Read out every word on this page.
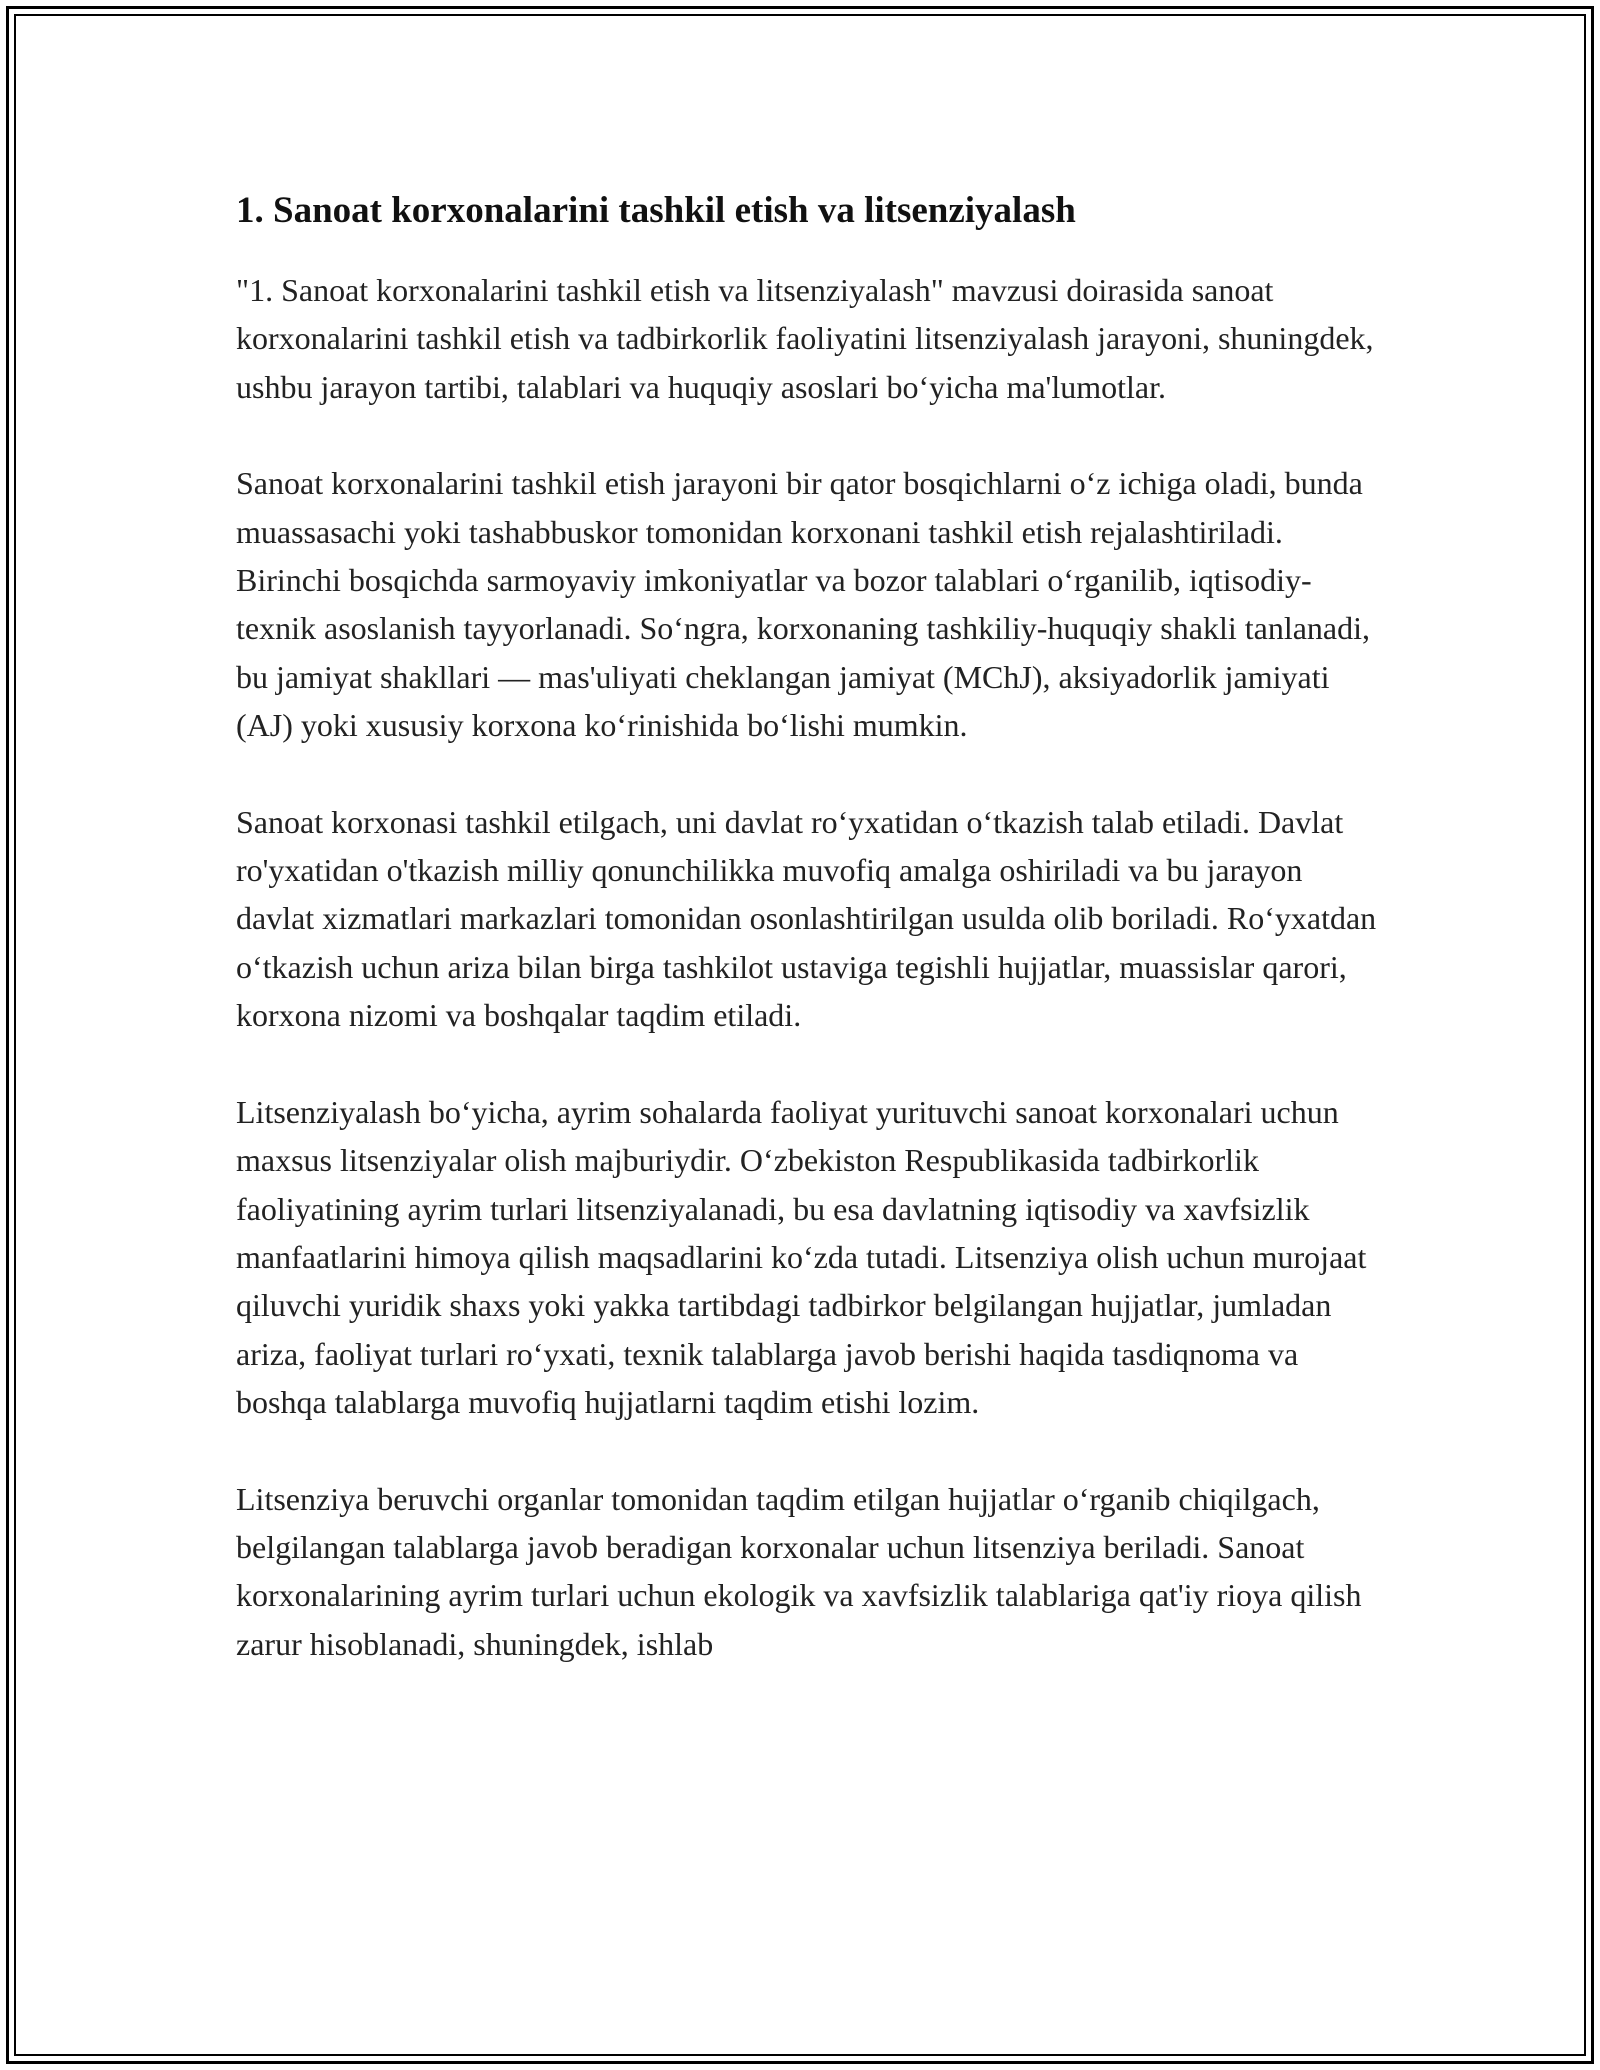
1. Sanoat korxonalarini tashkil etish va litsenziyalash

"1. Sanoat korxonalarini tashkil etish va litsenziyalash" mavzusi doirasida sanoat korxonalarini tashkil etish va tadbirkorlik faoliyatini litsenziyalash jarayoni, shuningdek, ushbu jarayon tartibi, talablari va huquqiy asoslari bo‘yicha ma'lumotlar.

Sanoat korxonalarini tashkil etish jarayoni bir qator bosqichlarni o‘z ichiga oladi, bunda muassasachi yoki tashabbuskor tomonidan korxonani tashkil etish rejalashtiriladi. Birinchi bosqichda sarmoyaviy imkoniyatlar va bozor talablari o‘rganilib, iqtisodiy-texnik asoslanish tayyorlanadi. So‘ngra, korxonaning tashkiliy-huquqiy shakli tanlanadi, bu jamiyat shakllari — mas'uliyati cheklangan jamiyat (MChJ), aksiyadorlik jamiyati (AJ) yoki xususiy korxona ko‘rinishida bo‘lishi mumkin.

Sanoat korxonasi tashkil etilgach, uni davlat ro‘yxatidan o‘tkazish talab etiladi. Davlat ro'yxatidan o'tkazish milliy qonunchilikka muvofiq amalga oshiriladi va bu jarayon davlat xizmatlari markazlari tomonidan osonlashtirilgan usulda olib boriladi. Ro‘yxatdan o‘tkazish uchun ariza bilan birga tashkilot ustaviga tegishli hujjatlar, muassislar qarori, korxona nizomi va boshqalar taqdim etiladi.

Litsenziyalash bo‘yicha, ayrim sohalarda faoliyat yurituvchi sanoat korxonalari uchun maxsus litsenziyalar olish majburiydir. O‘zbekiston Respublikasida tadbirkorlik faoliyatining ayrim turlari litsenziyalanadi, bu esa davlatning iqtisodiy va xavfsizlik manfaatlarini himoya qilish maqsadlarini ko‘zda tutadi. Litsenziya olish uchun murojaat qiluvchi yuridik shaxs yoki yakka tartibdagi tadbirkor belgilangan hujjatlar, jumladan ariza, faoliyat turlari ro‘yxati, texnik talablarga javob berishi haqida tasdiqnoma va boshqa talablarga muvofiq hujjatlarni taqdim etishi lozim.

Litsenziya beruvchi organlar tomonidan taqdim etilgan hujjatlar o‘rganib chiqilgach, belgilangan talablarga javob beradigan korxonalar uchun litsenziya beriladi. Sanoat korxonalarining ayrim turlari uchun ekologik va xavfsizlik talablariga qat'iy rioya qilish zarur hisoblanadi, shuningdek, ishlab
